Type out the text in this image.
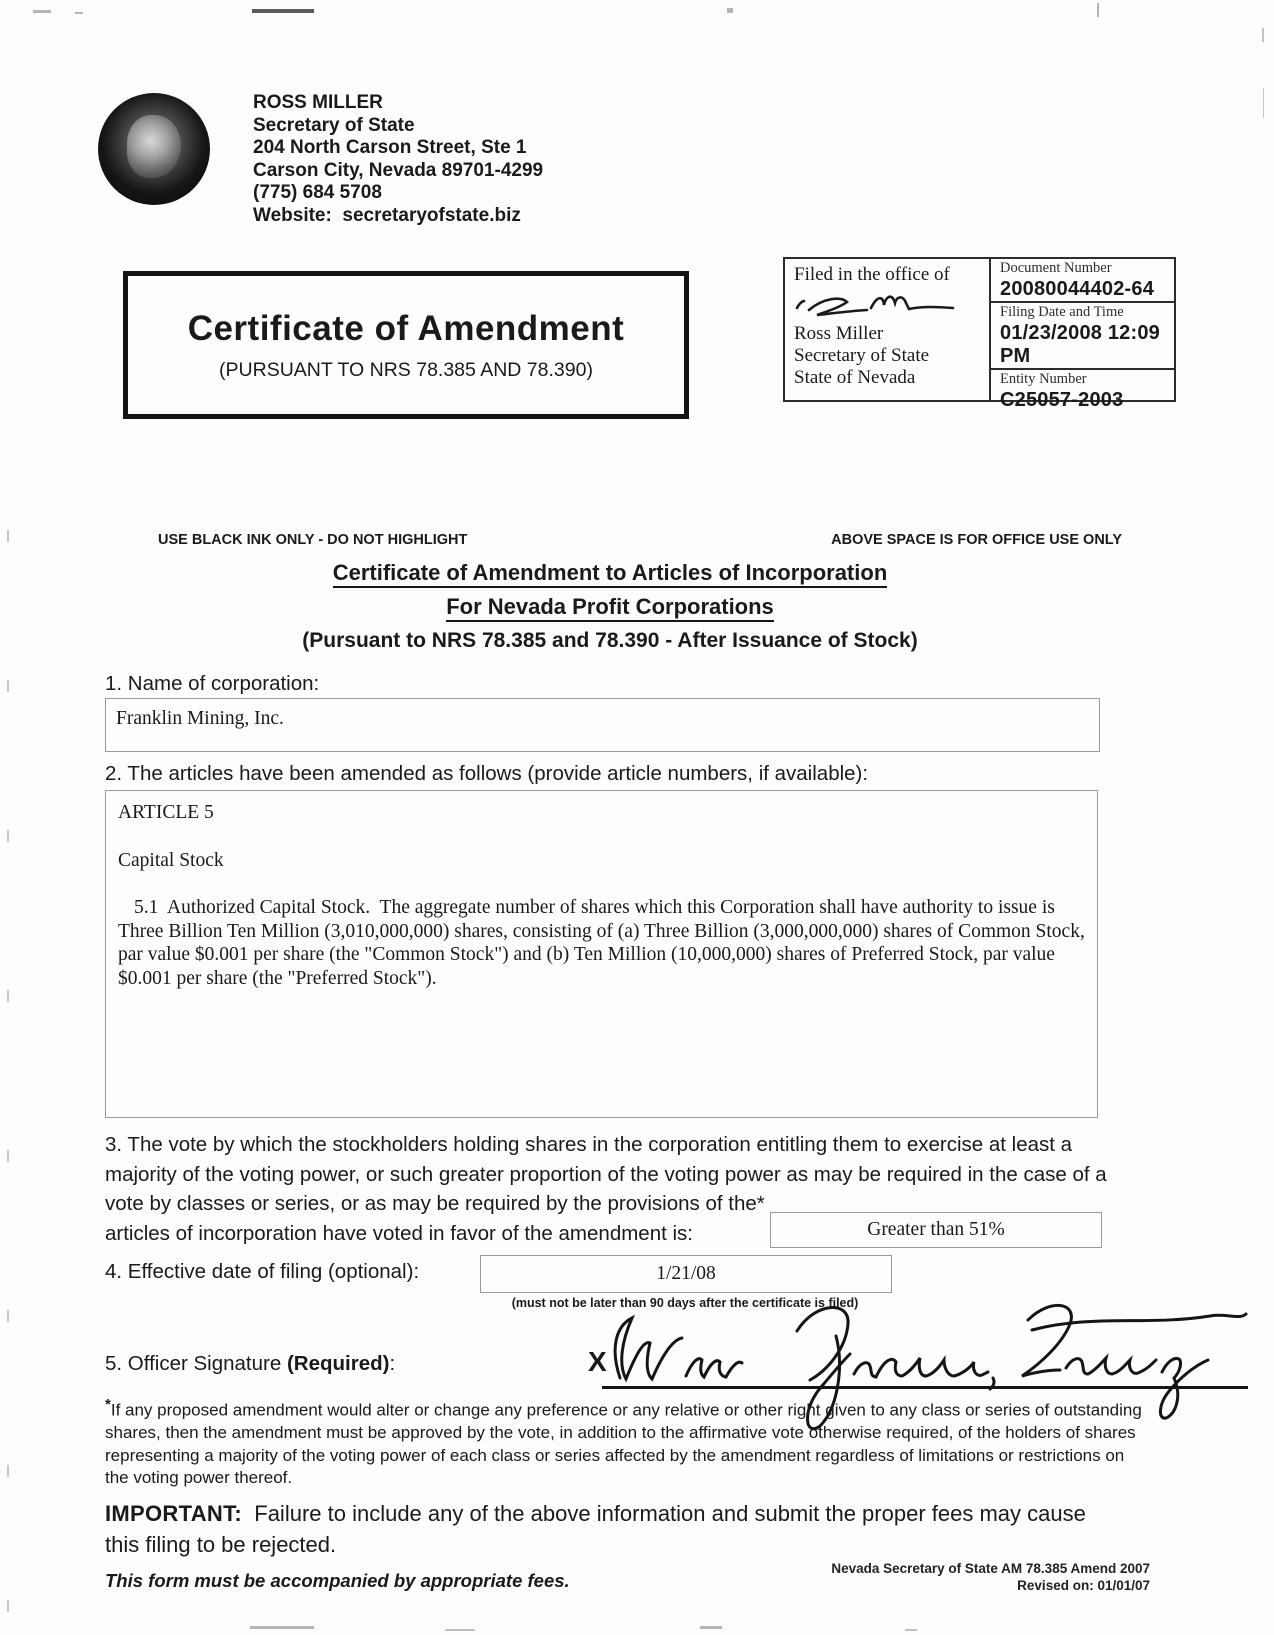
ROSS MILLER
Secretary of State
204 North Carson Street, Ste 1
Carson City, Nevada 89701-4299
(775) 684 5708
Website:  secretaryofstate.biz
Certificate of Amendment
(PURSUANT TO NRS 78.385 AND 78.390)
Filed in the office of
Ross Miller
Secretary of State
State of Nevada
Document Number
20080044402-64
Filing Date and Time
01/23/2008 12:09 PM
Entity Number
C25057-2003
USE BLACK INK ONLY - DO NOT HIGHLIGHT	ABOVE SPACE IS FOR OFFICE USE ONLY
Certificate of Amendment to Articles of Incorporation
For Nevada Profit Corporations
(Pursuant to NRS 78.385 and 78.390 - After Issuance of Stock)
1. Name of corporation:
Franklin Mining, Inc.
2. The articles have been amended as follows (provide article numbers, if available):
ARTICLE 5
Capital Stock
5.1  Authorized Capital Stock.  The aggregate number of shares which this Corporation shall have authority to issue is Three Billion Ten Million (3,010,000,000) shares, consisting of (a) Three Billion (3,000,000,000) shares of Common Stock, par value $0.001 per share (the "Common Stock") and (b) Ten Million (10,000,000) shares of Preferred Stock, par value $0.001 per share (the "Preferred Stock").
3. The vote by which the stockholders holding shares in the corporation entitling them to exercise at least a majority of the voting power, or such greater proportion of the voting power as may be required in the case of a vote by classes or series, or as may be required by the provisions of the*
articles of incorporation have voted in favor of the amendment is:	Greater than 51%
4. Effective date of filing (optional):	1/21/08
(must not be later than 90 days after the certificate is filed)
5. Officer Signature (Required):	X
*If any proposed amendment would alter or change any preference or any relative or other right given to any class or series of outstanding shares, then the amendment must be approved by the vote, in addition to the affirmative vote otherwise required, of the holders of shares representing a majority of the voting power of each class or series affected by the amendment regardless of limitations or restrictions on the voting power thereof.
IMPORTANT:  Failure to include any of the above information and submit the proper fees may cause this filing to be rejected.
This form must be accompanied by appropriate fees.
Nevada Secretary of State AM 78.385 Amend 2007
Revised on: 01/01/07
